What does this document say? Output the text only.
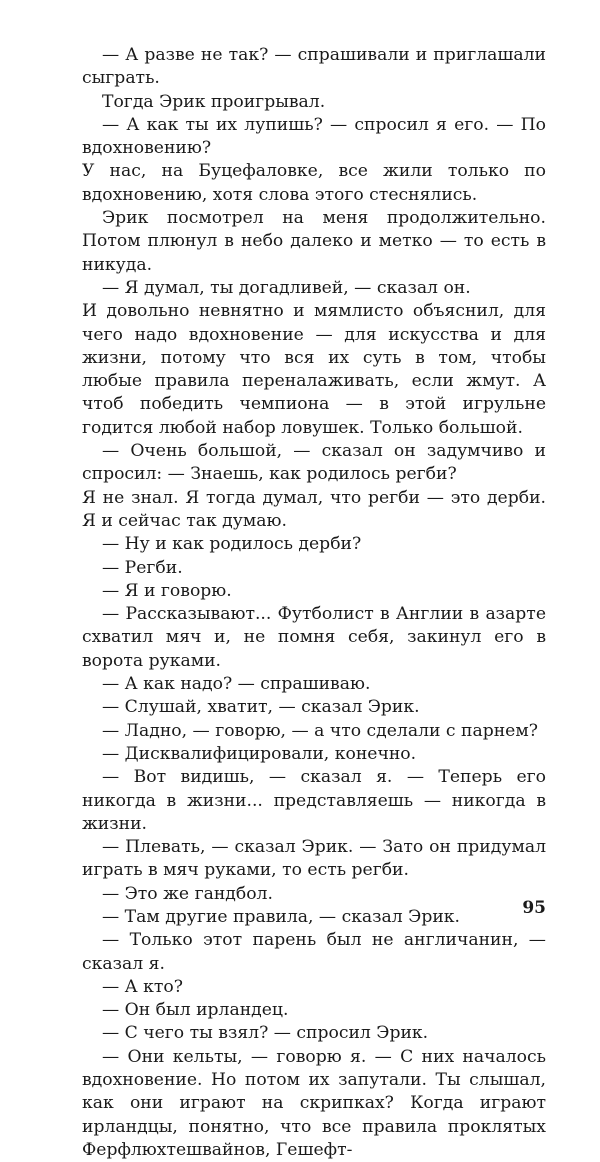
— А разве не так? — спрашивали и приглашали сыграть.

Тогда Эрик проигрывал.

— А как ты их лупишь? — спросил я его. — По вдохновению?

У нас, на Буцефаловке, все жили только по вдохновению, хотя слова этого стеснялись.

Эрик посмотрел на меня продолжительно. Потом плюнул в небо далеко и метко — то есть в никуда.

— Я думал, ты догадливей, — сказал он.

И довольно невнятно и мямлисто объяснил, для чего надо вдохновение — для искусства и для жизни, потому что вся их суть в том, чтобы любые правила переналаживать, если жмут. А чтоб победить чемпиона — в этой игрульне годится любой набор ловушек. Только большой.

— Очень большой, — сказал он задумчиво и спросил: — Знаешь, как родилось регби?

Я не знал. Я тогда думал, что регби — это дерби. Я и сейчас так думаю.

— Ну и как родилось дерби?

— Регби.

— Я и говорю.

— Рассказывают... Футболист в Англии в азарте схватил мяч и, не помня себя, закинул его в ворота руками.

— А как надо? — спрашиваю.

— Слушай, хватит, — сказал Эрик.

— Ладно, — говорю, — а что сделали с парнем?

— Дисквалифицировали, конечно.

— Вот видишь, — сказал я. — Теперь его никогда в жизни... представляешь — никогда в жизни.

— Плевать, — сказал Эрик. — Зато он придумал играть в мяч руками, то есть регби.

— Это же гандбол.

— Там другие правила, — сказал Эрик.

— Только этот парень был не англичанин, — сказал я.

— А кто?

— Он был ирландец.

— С чего ты взял? — спросил Эрик.

— Они кельты, — говорю я. — С них началось вдохновение. Но потом их запутали. Ты слышал, как они играют на скрипках? Когда играют ирландцы, понятно, что все правила проклятых Ферфлюхтешвайнов, Гешефт-

95
